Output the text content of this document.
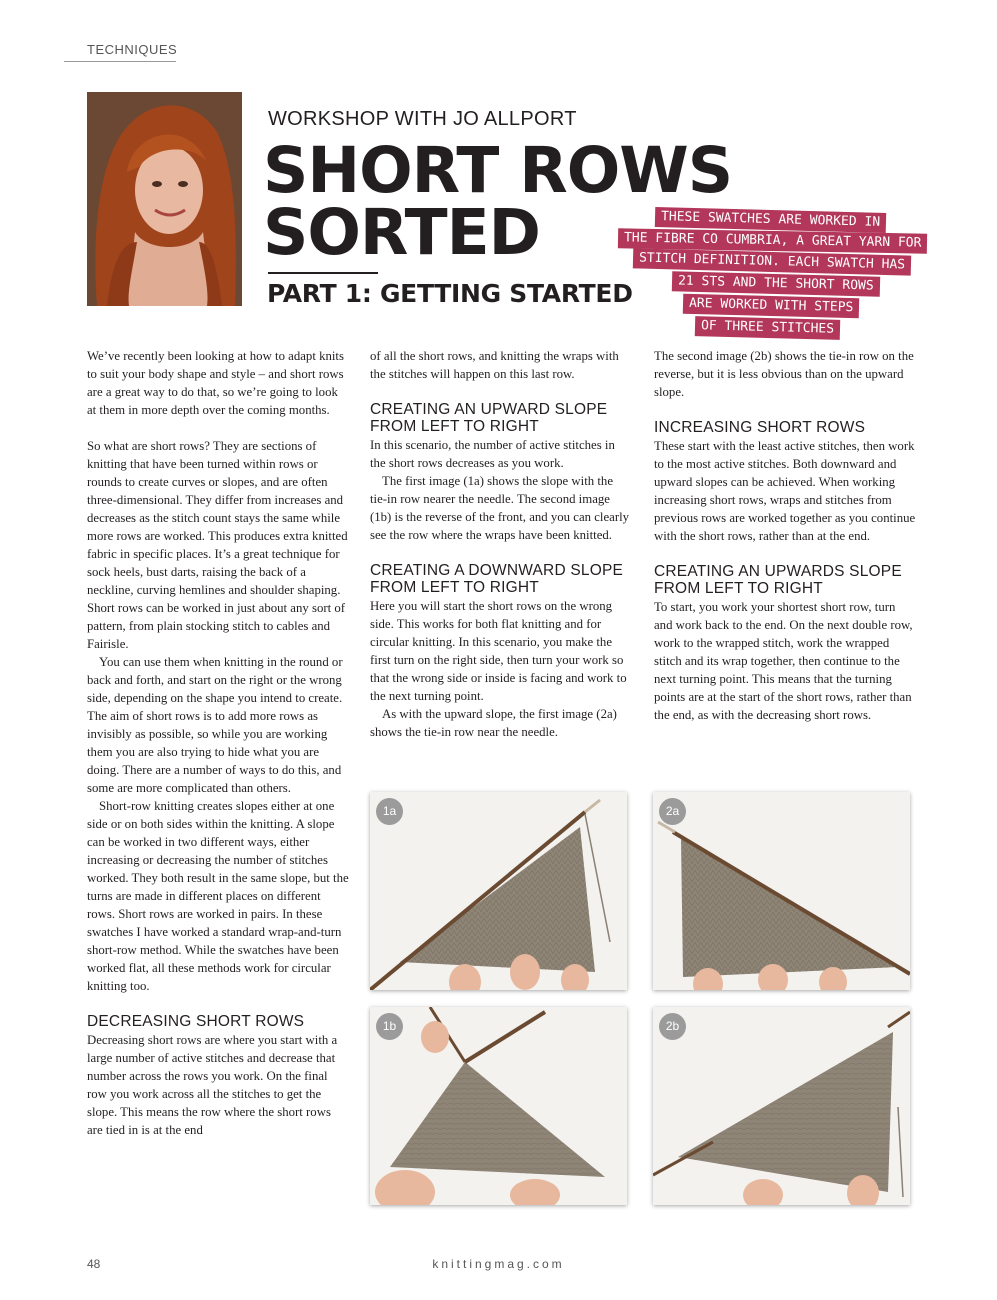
TECHNIQUES
WORKSHOP WITH JO ALLPORT
SHORT ROWS
SORTED
PART 1: GETTING STARTED
THESE SWATCHES ARE WORKED IN
THE FIBRE CO CUMBRIA, A GREAT YARN FOR
STITCH DEFINITION. EACH SWATCH HAS
21 STS AND THE SHORT ROWS
ARE WORKED WITH STEPS
OF THREE STITCHES

We’ve recently been looking at how to adapt knits to suit your body shape and style – and short rows are a great way to do that, so we’re going to look at them in more depth over the coming months.

So what are short rows? They are sections of knitting that have been turned within rows or rounds to create curves or slopes, and are often three-dimensional. They differ from increases and decreases as the stitch count stays the same while more rows are worked. This produces extra knitted fabric in specific places. It’s a great technique for sock heels, bust darts, raising the back of a neckline, curving hemlines and shoulder shaping. Short rows can be worked in just about any sort of pattern, from plain stocking stitch to cables and Fairisle.

You can use them when knitting in the round or back and forth, and start on the right or the wrong side, depending on the shape you intend to create. The aim of short rows is to add more rows as invisibly as possible, so while you are working them you are also trying to hide what you are doing. There are a number of ways to do this, and some are more complicated than others.

Short-row knitting creates slopes either at one side or on both sides within the knitting. A slope can be worked in two different ways, either increasing or decreasing the number of stitches worked. They both result in the same slope, but the turns are made in different places on different rows. Short rows are worked in pairs. In these swatches I have worked a standard wrap-and-turn short-row method. While the swatches have been worked flat, all these methods work for circular knitting too.

DECREASING SHORT ROWS

Decreasing short rows are where you start with a large number of active stitches and decrease that number across the rows you work. On the final row you work across all the stitches to get the slope. This means the row where the short rows are tied in is at the end

of all the short rows, and knitting the wraps with the stitches will happen on this last row.

CREATING AN UPWARD SLOPE FROM LEFT TO RIGHT

In this scenario, the number of active stitches in the short rows decreases as you work.

The first image (1a) shows the slope with the tie-in row nearer the needle. The second image (1b) is the reverse of the front, and you can clearly see the row where the wraps have been knitted.

CREATING A DOWNWARD SLOPE FROM LEFT TO RIGHT

Here you will start the short rows on the wrong side. This works for both flat knitting and for circular knitting. In this scenario, you make the first turn on the right side, then turn your work so that the wrong side or inside is facing and work to the next turning point.

As with the upward slope, the first image (2a) shows the tie-in row near the needle.

The second image (2b) shows the tie-in row on the reverse, but it is less obvious than on the upward slope.

INCREASING SHORT ROWS

These start with the least active stitches, then work to the most active stitches. Both downward and upward slopes can be achieved. When working increasing short rows, wraps and stitches from previous rows are worked together as you continue with the short rows, rather than at the end.

CREATING AN UPWARDS SLOPE FROM LEFT TO RIGHT

To start, you work your shortest short row, turn and work back to the end. On the next double row, work to the wrapped stitch, work the wrapped stitch and its wrap together, then continue to the next turning point. This means that the turning points are at the start of the short rows, rather than the end, as with the decreasing short rows.

1a	2a
1b	2b
48	knittingmag.com
